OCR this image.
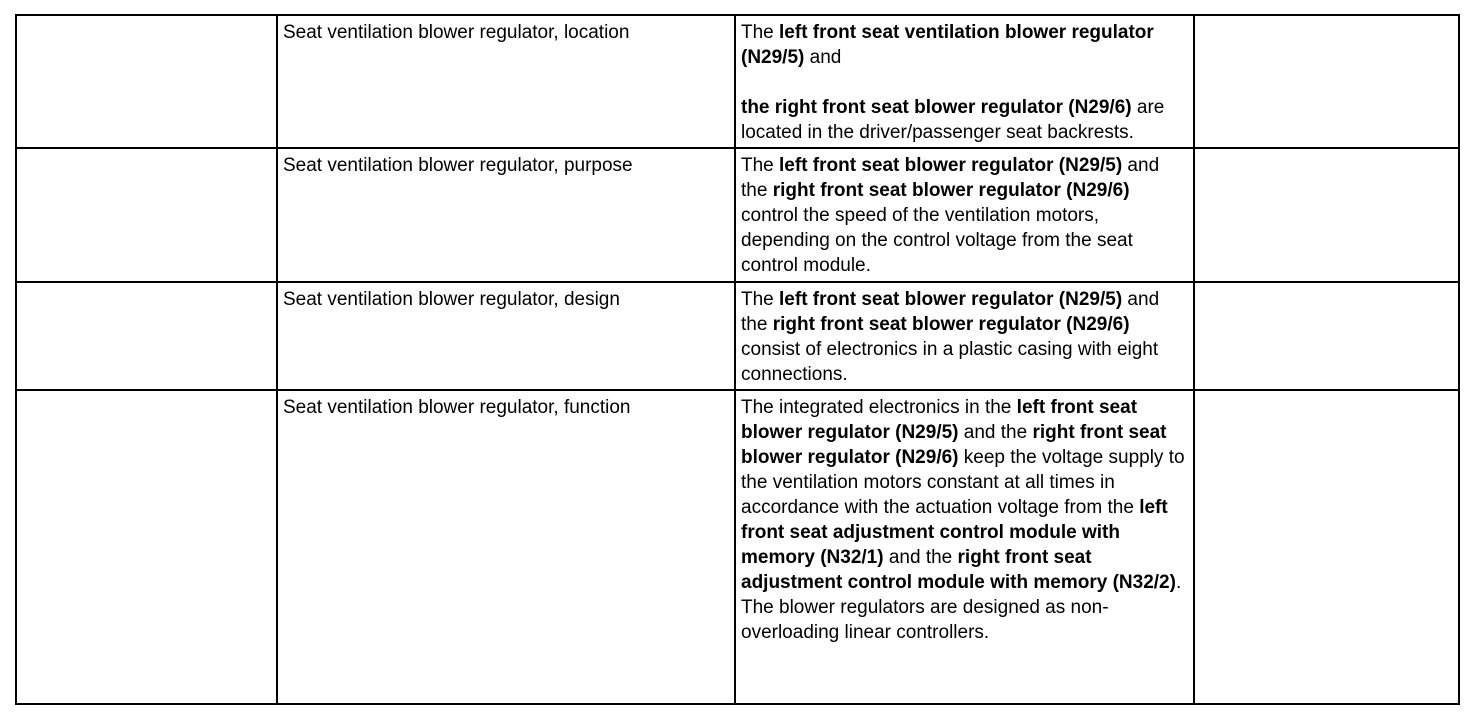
	Seat ventilation blower regulator, location	The left front seat ventilation blower regulator (N29/5) and

the right front seat blower regulator (N29/6) are located in the driver/passenger seat backrests.	
	Seat ventilation blower regulator, purpose	The left front seat blower regulator (N29/5) and the right front seat blower regulator (N29/6) control the speed of the ventilation motors, depending on the control voltage from the seat control module.	
	Seat ventilation blower regulator, design	The left front seat blower regulator (N29/5) and the right front seat blower regulator (N29/6) consist of electronics in a plastic casing with eight connections.	
	Seat ventilation blower regulator, function	The integrated electronics in the left front seat blower regulator (N29/5) and the right front seat blower regulator (N29/6) keep the voltage supply to the ventilation motors constant at all times in accordance with the actuation voltage from the left front seat adjustment control module with memory (N32/1) and the right front seat adjustment control module with memory (N32/2).
The blower regulators are designed as non-overloading linear controllers.	
